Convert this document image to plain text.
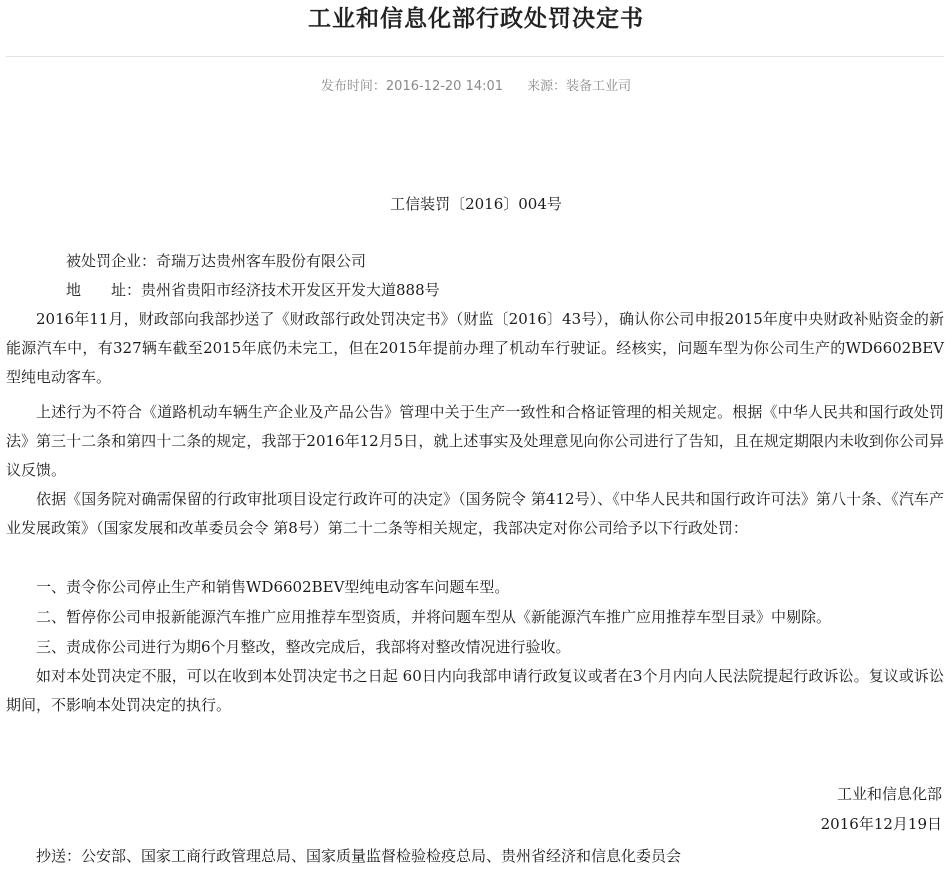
工业和信息化部行政处罚决定书
发布时间：2016-12-20 14:01 来源：装备工业司
工信装罚〔2016〕004号
被处罚企业：奇瑞万达贵州客车股份有限公司
地　　址：贵州省贵阳市经济技术开发区开发大道888号

2016年11月，财政部向我部抄送了《财政部行政处罚决定书》（财监〔2016〕43号），确认你公司申报2015年度中央财政补贴资金的新能源汽车中，有327辆车截至2015年底仍未完工，但在2015年提前办理了机动车行驶证。经核实，问题车型为你公司生产的WD6602BEV型纯电动客车。

上述行为不符合《道路机动车辆生产企业及产品公告》管理中关于生产一致性和合格证管理的相关规定。根据《中华人民共和国行政处罚法》第三十二条和第四十二条的规定，我部于2016年12月5日，就上述事实及处理意见向你公司进行了告知，且在规定期限内未收到你公司异议反馈。

依据《国务院对确需保留的行政审批项目设定行政许可的决定》（国务院令 第412号）、《中华人民共和国行政许可法》第八十条、《汽车产业发展政策》（国家发展和改革委员会令 第8号）第二十二条等相关规定，我部决定对你公司给予以下行政处罚：

一、责令你公司停止生产和销售WD6602BEV型纯电动客车问题车型。
二、暂停你公司申报新能源汽车推广应用推荐车型资质，并将问题车型从《新能源汽车推广应用推荐车型目录》中剔除。
三、责成你公司进行为期6个月整改，整改完成后，我部将对整改情况进行验收。

如对本处罚决定不服，可以在收到本处罚决定书之日起 60日内向我部申请行政复议或者在3个月内向人民法院提起行政诉讼。复议或诉讼期间，不影响本处罚决定的执行。

工业和信息化部
2016年12月19日
抄送：公安部、国家工商行政管理总局、国家质量监督检验检疫总局、贵州省经济和信息化委员会
